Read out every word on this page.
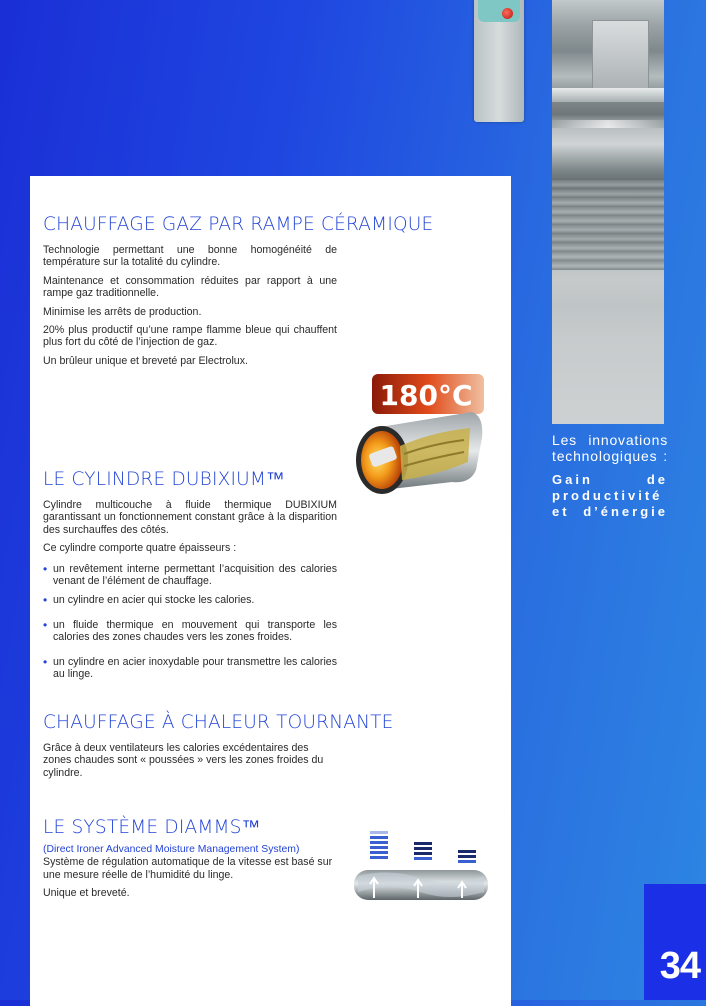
CHAUFFAGE GAZ PAR RAMPE CÉRAMIQUE

Technologie permettant une bonne homogénéité de température sur la totalité du cylindre.

Maintenance et consommation réduites par rapport à une rampe gaz traditionnelle.

Minimise les arrêts de production.

20% plus productif qu’une rampe flamme bleue qui chauffent plus fort du côté de l’injection de gaz.

Un brûleur unique et breveté par Electrolux.

180°C
LE CYLINDRE DUBIXIUM™

Cylindre multicouche à fluide thermique DUBIXIUM garantissant un fonctionnement constant grâce à la disparition des surchauffes des côtés.

Ce cylindre comporte quatre épaisseurs :

• un revêtement interne permettant l’acquisition des calories venant de l’élément de chauffage.
• un cylindre en acier qui stocke les calories.
• un fluide thermique en mouvement qui transporte les calories des zones chaudes vers les zones froides.
• un cylindre en acier inoxydable pour transmettre les calories au linge.
CHAUFFAGE À CHALEUR TOURNANTE

Grâce à deux ventilateurs les calories excédentaires des zones chaudes sont « poussées » vers les zones froides du cylindre.

LE SYSTÈME DIAMMS™

(Direct Ironer Advanced Moisture Management System)

Système de régulation automatique de la vitesse est basé sur une mesure réelle de l’humidité du linge.

Unique et breveté.

Les innovations
technologiques :
Gain de
productivité
et d’énergie
34
